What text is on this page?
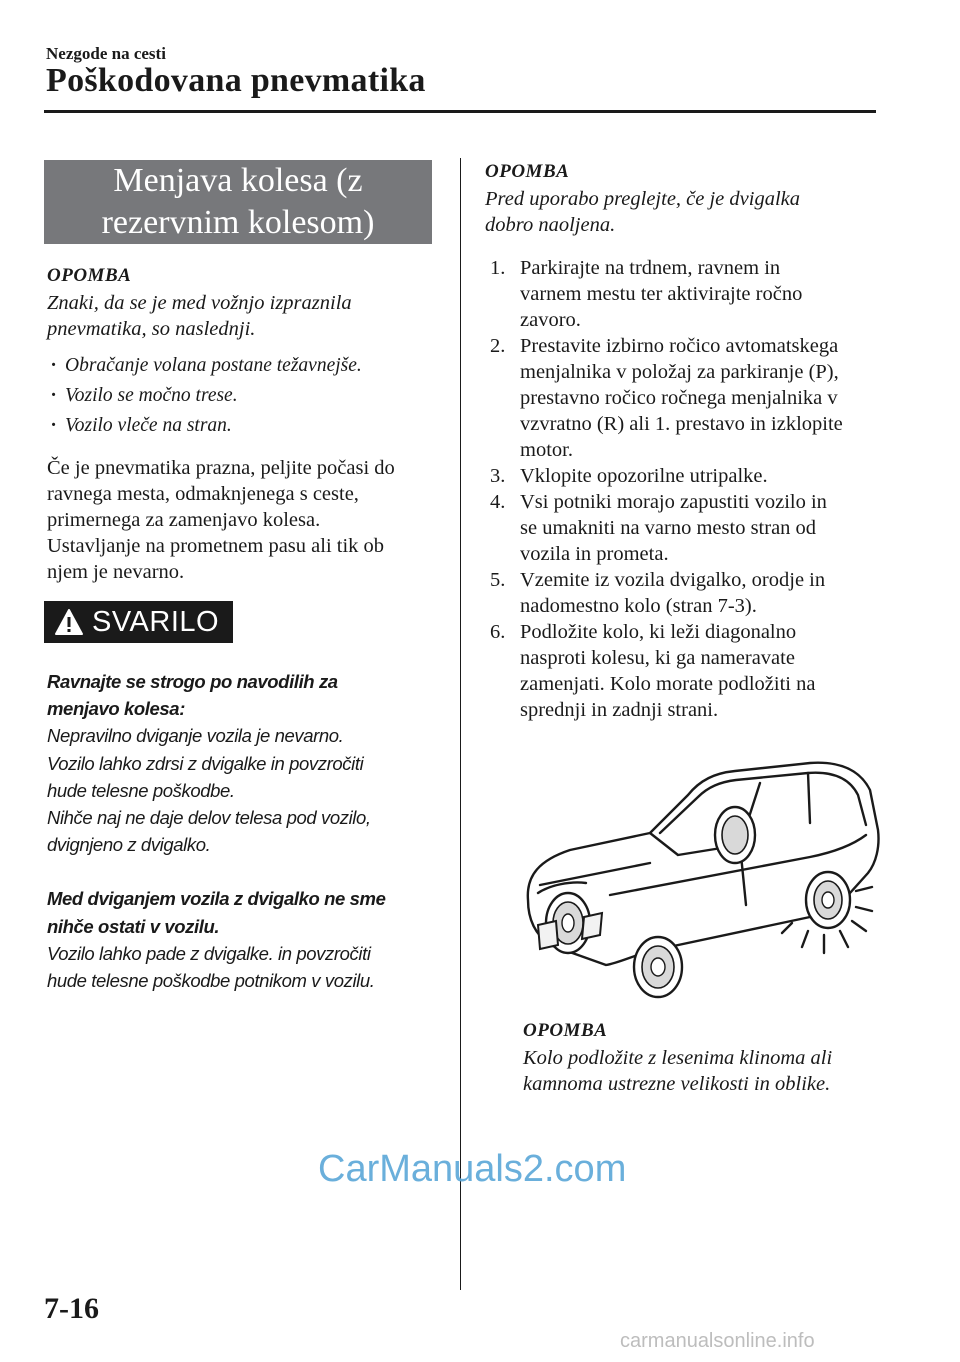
Nezgode na cesti
Poškodovana pnevmatika
Menjava kolesa (z
rezervnim kolesom)
OPOMBA
Znaki, da se je med vožnjo izpraznila
pnevmatika, so naslednji.
· Obračanje volana postane težavnejše.
· Vozilo se močno trese.
· Vozilo vleče na stran.
Če je pnevmatika prazna, peljite počasi do
ravnega mesta, odmaknjenega s ceste,
primernega za zamenjavo kolesa.
Ustavljanje na prometnem pasu ali tik ob
njem je nevarno.
SVARILO
Ravnajte se strogo po navodilih za
menjavo kolesa:
Nepravilno dviganje vozila je nevarno.
Vozilo lahko zdrsi z dvigalke in povzročiti
hude telesne poškodbe.
Nihče naj ne daje delov telesa pod vozilo,
dvignjeno z dvigalko.
Med dviganjem vozila z dvigalko ne sme
nihče ostati v vozilu.
Vozilo lahko pade z dvigalke. in povzročiti
hude telesne poškodbe potnikom v vozilu.
OPOMBA
Pred uporabo preglejte, če je dvigalka
dobro naoljena.
1. Parkirajte na trdnem, ravnem in
varnem mestu ter aktivirajte ročno
zavoro.
2. Prestavite izbirno ročico avtomatskega
menjalnika v položaj za parkiranje (P),
prestavno ročico ročnega menjalnika v
vzvratno (R) ali 1. prestavo in izklopite
motor.
3. Vklopite opozorilne utripalke.
4. Vsi potniki morajo zapustiti vozilo in
se umakniti na varno mesto stran od
vozila in prometa.
5. Vzemite iz vozila dvigalko, orodje in
nadomestno kolo (stran 7-3).
6. Podložite kolo, ki leži diagonalno
nasproti kolesu, ki ga nameravate
zamenjati. Kolo morate podložiti na
sprednji in zadnji strani.
OPOMBA
Kolo podložite z lesenima klinoma ali
kamnoma ustrezne velikosti in oblike.
CarManuals2.com
7-16
carmanualsonline.info
